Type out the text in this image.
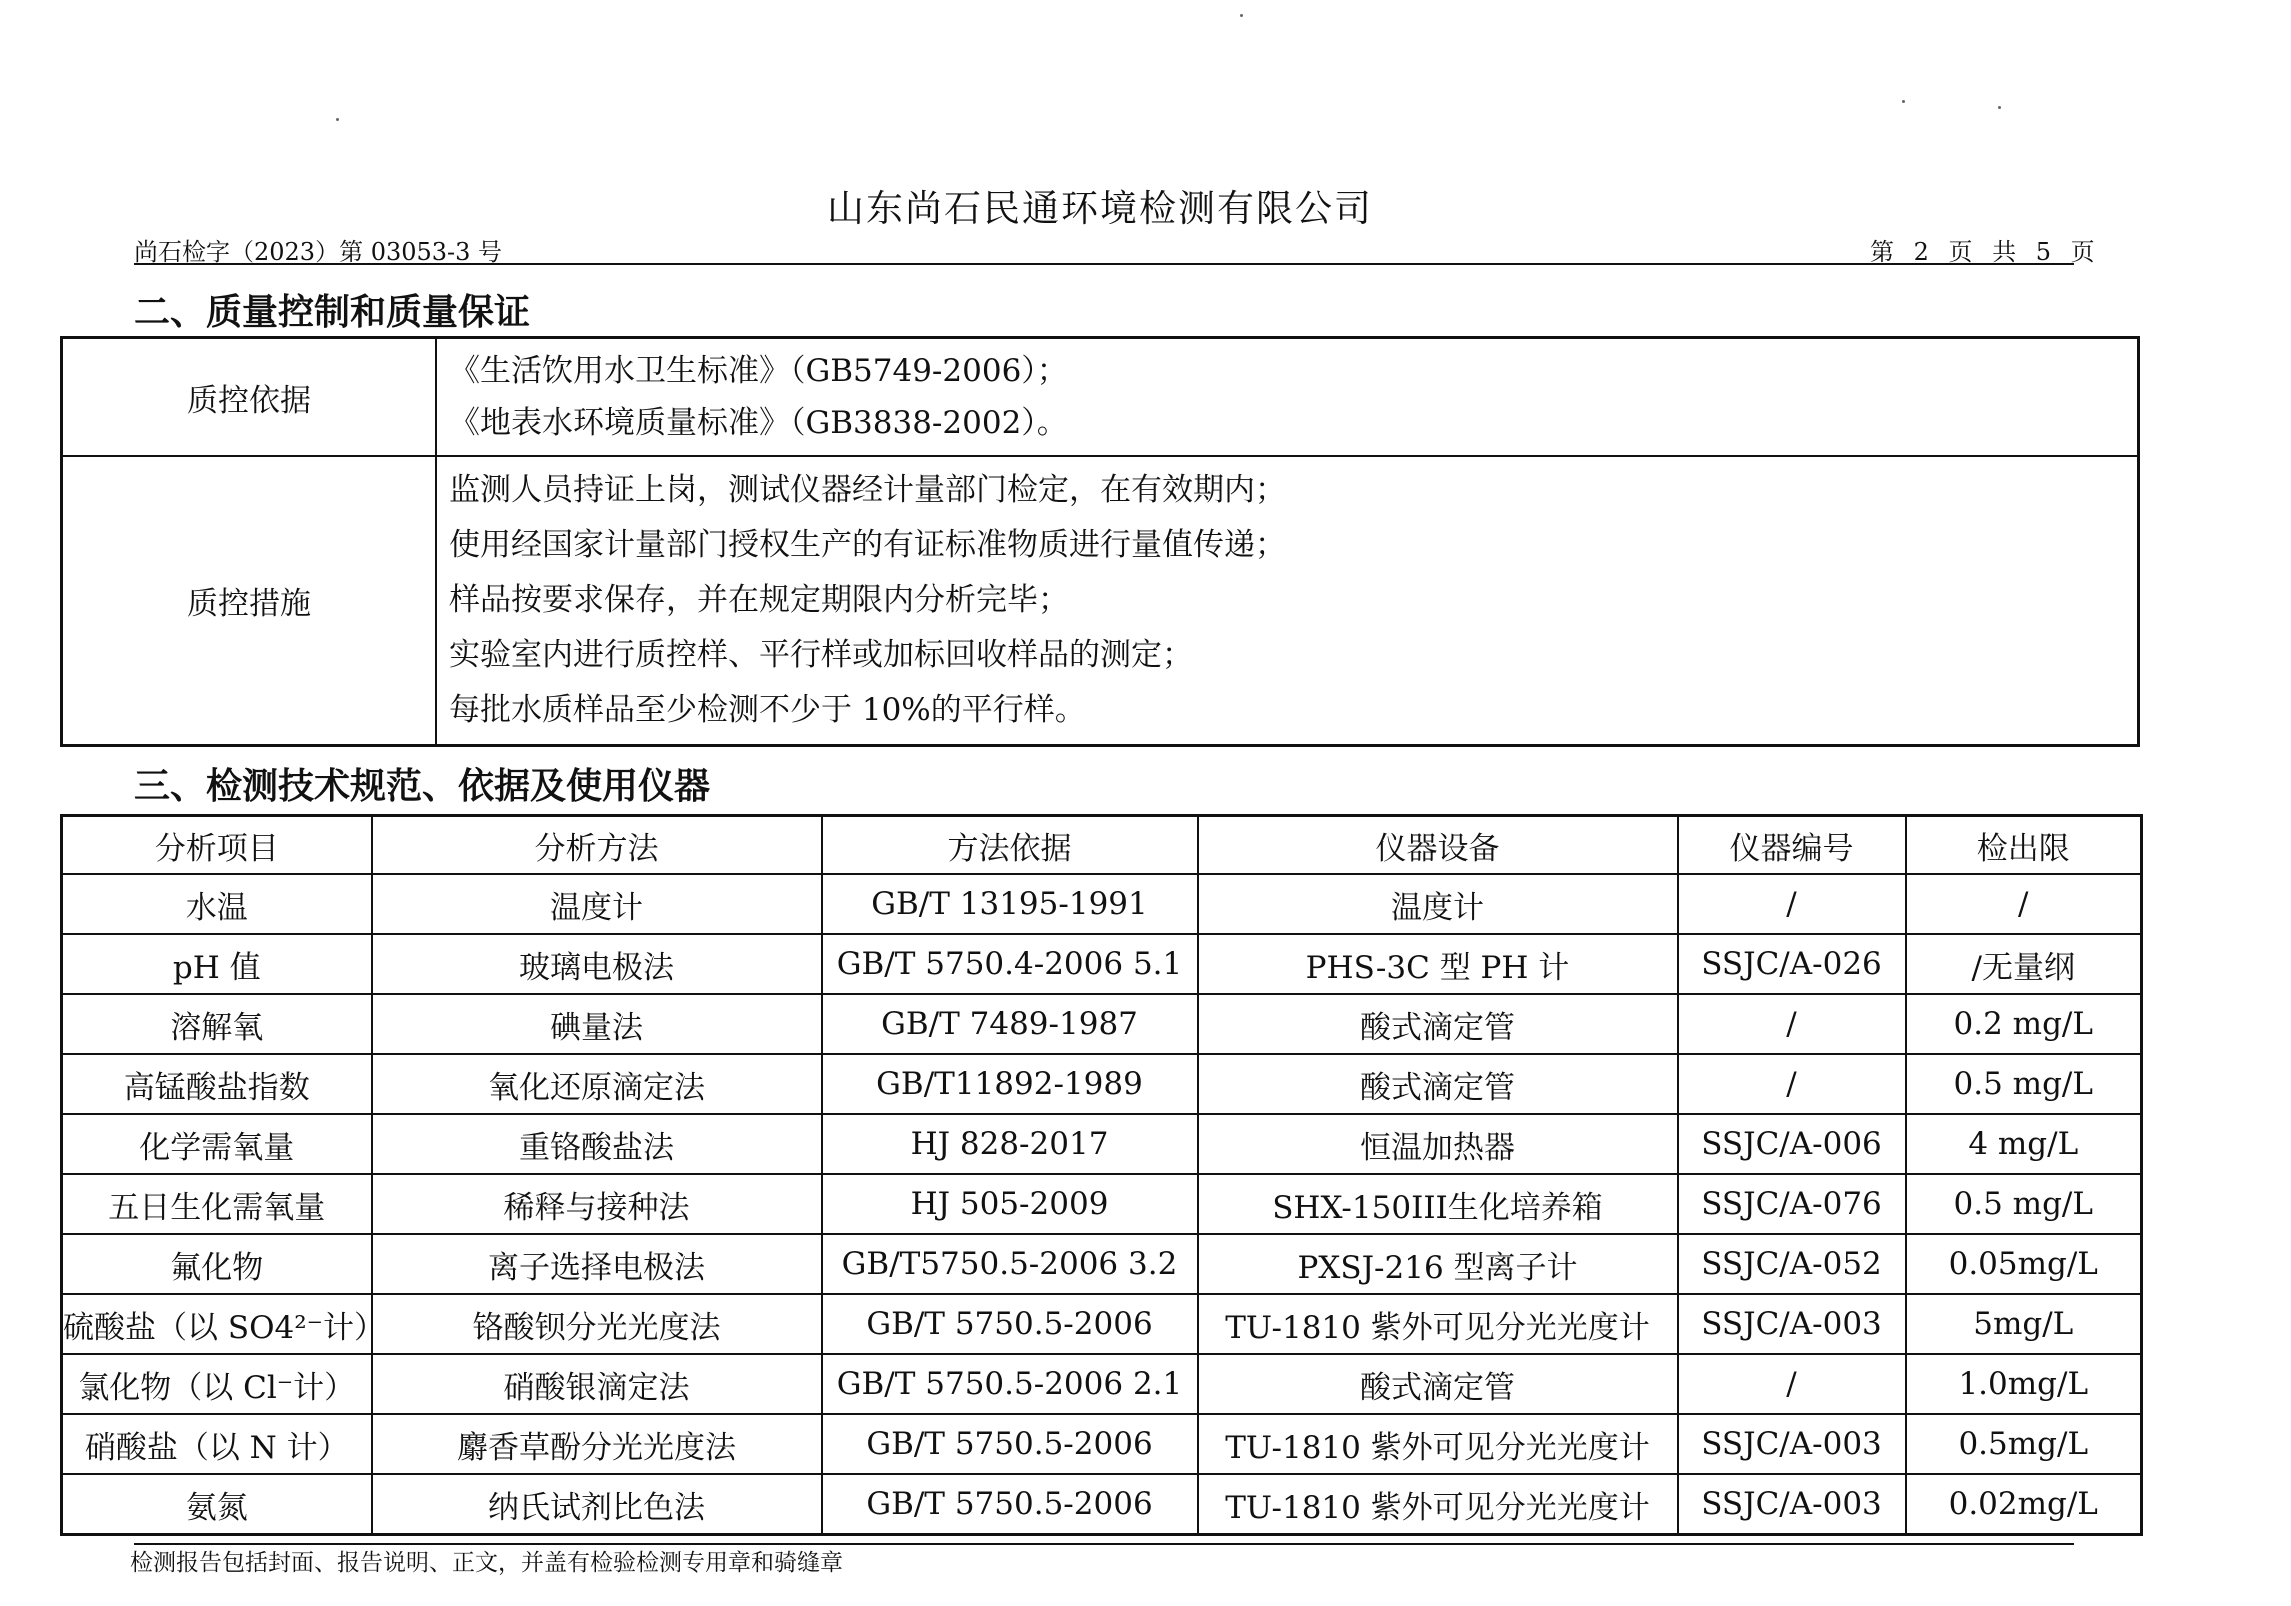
山东尚石民通环境检测有限公司
尚石检字（2023）第 03053-3 号	第 2 页 共 5 页
二、质量控制和质量保证
质控依据	《生活饮用水卫生标准》（GB5749-2006）；
《地表水环境质量标准》（GB3838-2002）。

质控措施	监测人员持证上岗，测试仪器经计量部门检定，在有效期内；
使用经国家计量部门授权生产的有证标准物质进行量值传递；
样品按要求保存，并在规定期限内分析完毕；
实验室内进行质控样、平行样或加标回收样品的测定；
每批水质样品至少检测不少于 10%的平行样。
三、检测技术规范、依据及使用仪器
分析项目	分析方法	方法依据	仪器设备	仪器编号	检出限
水温	温度计	GB/T 13195-1991	温度计	/	/
pH 值	玻璃电极法	GB/T 5750.4-2006 5.1	PHS-3C 型 PH 计	SSJC/A-026	/无量纲
溶解氧	碘量法	GB/T 7489-1987	酸式滴定管	/	0.2 mg/L
高锰酸盐指数	氧化还原滴定法	GB/T11892-1989	酸式滴定管	/	0.5 mg/L
化学需氧量	重铬酸盐法	HJ 828-2017	恒温加热器	SSJC/A-006	4 mg/L
五日生化需氧量	稀释与接种法	HJ 505-2009	SHX-150III生化培养箱	SSJC/A-076	0.5 mg/L
氟化物	离子选择电极法	GB/T5750.5-2006 3.2	PXSJ-216 型离子计	SSJC/A-052	0.05mg/L
硫酸盐（以 SO4²⁻计）	铬酸钡分光光度法	GB/T 5750.5-2006	TU-1810 紫外可见分光光度计	SSJC/A-003	5mg/L
氯化物（以 Cl⁻计）	硝酸银滴定法	GB/T 5750.5-2006 2.1	酸式滴定管	/	1.0mg/L
硝酸盐（以 N 计）	麝香草酚分光光度法	GB/T 5750.5-2006	TU-1810 紫外可见分光光度计	SSJC/A-003	0.5mg/L
氨氮	纳氏试剂比色法	GB/T 5750.5-2006	TU-1810 紫外可见分光光度计	SSJC/A-003	0.02mg/L
检测报告包括封面、报告说明、正文，并盖有检验检测专用章和骑缝章
